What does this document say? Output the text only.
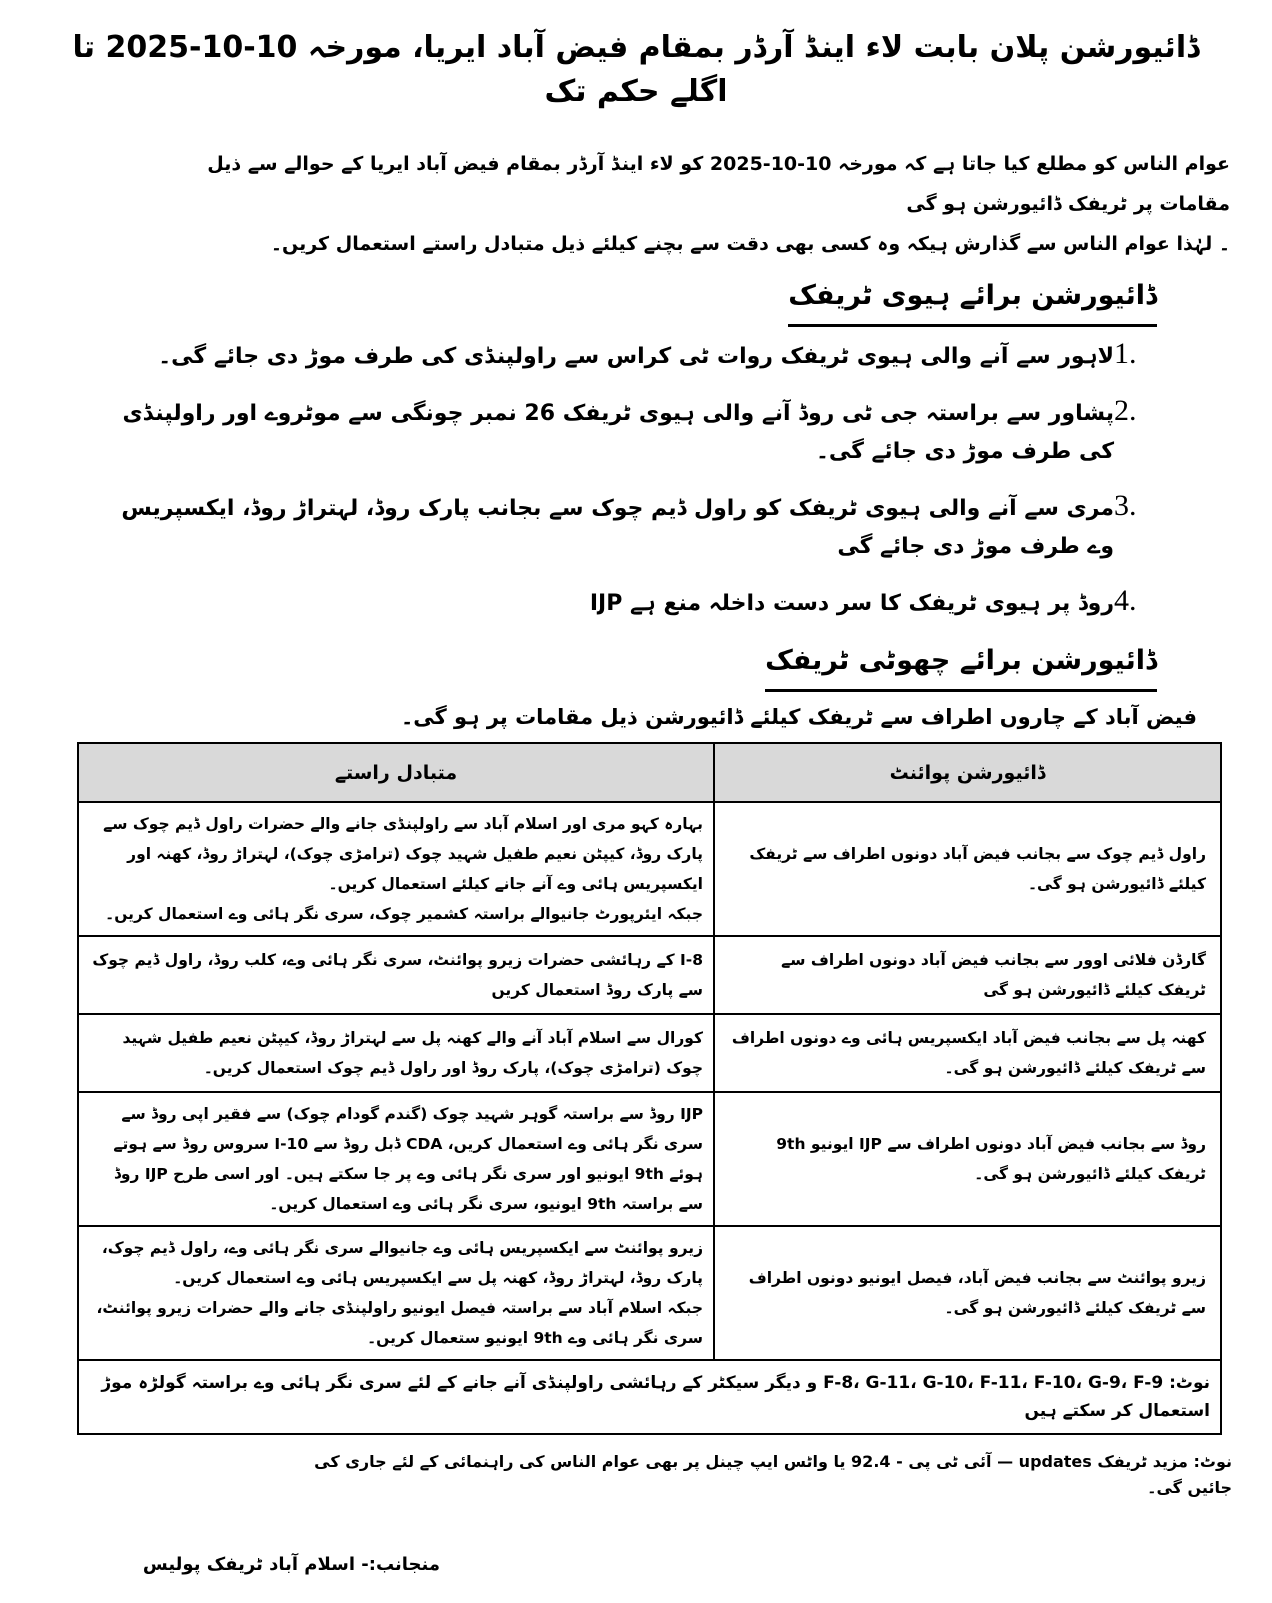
ڈائیورشن پلان بابت لاء اینڈ آرڈر بمقام فیض آباد ایریا، مورخہ 10-10-2025 تا اگلے حکم تک
عوام الناس کو مطلع کیا جاتا ہے کہ مورخہ 10-10-2025 کو لاء اینڈ آرڈر بمقام فیض آباد ایریا کے حوالے سے ذیل مقامات پر ٹریفک ڈائیورشن ہو گی
۔ لہٰذا عوام الناس سے گذارش ہیکہ وہ کسی بھی دقت سے بچنے کیلئے ذیل متبادل راستے استعمال کریں۔
ڈائیورشن برائے ہیوی ٹریفک
1.
لاہور سے آنے والی ہیوی ٹریفک روات ٹی کراس سے راولپنڈی کی طرف موڑ دی جائے گی۔
2.
پشاور سے براستہ جی ٹی روڈ آنے والی ہیوی ٹریفک 26 نمبر چونگی سے موٹروے اور راولپنڈی کی طرف موڑ دی جائے گی۔
3.
مری سے آنے والی ہیوی ٹریفک کو راول ڈیم چوک سے بجانب پارک روڈ، لہتراڑ روڈ، ایکسپریس وے طرف موڑ دی جائے گی
4.
IJP روڈ پر ہیوی ٹریفک کا سر دست داخلہ منع ہے
ڈائیورشن برائے چھوٹی ٹریفک
فیض آباد کے چاروں اطراف سے ٹریفک کیلئے ڈائیورشن ذیل مقامات پر ہو گی۔
ڈائیورشن پوائنٹ	متبادل راستے
راول ڈیم چوک سے بجانب فیض آباد دونوں اطراف سے ٹریفک کیلئے ڈائیورشن ہو گی۔	بہارہ کہو مری اور اسلام آباد سے راولپنڈی جانے والے حضرات راول ڈیم چوک سے پارک روڈ، کیپٹن نعیم طفیل شہید چوک (ترامڑی چوک)، لہتراڑ روڈ، کھنہ اور ایکسپریس ہائی وے آنے جانے کیلئے استعمال کریں۔

جبکہ ایئرپورٹ جانیوالے براستہ کشمیر چوک، سری نگر ہائی وے استعمال کریں۔

گارڈن فلائی اوور سے بجانب فیض آباد دونوں اطراف سے ٹریفک کیلئے ڈائیورشن ہو گی	I-8 کے رہائشی حضرات زیرو پوائنٹ، سری نگر ہائی وے، کلب روڈ، راول ڈیم چوک سے پارک روڈ استعمال کریں

کھنہ پل سے بجانب فیض آباد ایکسپریس ہائی وے دونوں اطراف سے ٹریفک کیلئے ڈائیورشن ہو گی۔	کورال سے اسلام آباد آنے والے کھنہ پل سے لہتراڑ روڈ، کیپٹن نعیم طفیل شہید چوک (ترامڑی چوک)، پارک روڈ اور راول ڈیم چوک استعمال کریں۔

9th ایونیو IJP روڈ سے بجانب فیض آباد دونوں اطراف سے ٹریفک کیلئے ڈائیورشن ہو گی۔	IJP روڈ سے براستہ گوہر شہید چوک (گندم گودام چوک) سے فقیر اپی روڈ سے سری نگر ہائی وے استعمال کریں، CDA ڈبل روڈ سے I-10 سروس روڈ سے ہوتے ہوئے 9th ایونیو اور سری نگر ہائی وے پر جا سکتے ہیں۔ اور اسی طرح IJP روڈ سے براستہ 9th ایونیو، سری نگر ہائی وے استعمال کریں۔

زیرو پوائنٹ سے بجانب فیض آباد، فیصل ایونیو دونوں اطراف سے ٹریفک کیلئے ڈائیورشن ہو گی۔	زیرو پوائنٹ سے ایکسپریس ہائی وے جانیوالے سری نگر ہائی وے، راول ڈیم چوک، پارک روڈ، لہتراڑ روڈ، کھنہ پل سے ایکسپریس ہائی وے استعمال کریں۔

جبکہ اسلام آباد سے براستہ فیصل ایونیو راولپنڈی جانے والے حضرات زیرو پوائنٹ، سری نگر ہائی وے 9th ایونیو ستعمال کریں۔

نوٹ: F-8، G-11، G-10، F-11، F-10، G-9، F-9 و دیگر سیکٹر کے رہائشی راولپنڈی آنے جانے کے لئے سری نگر ہائی وے براستہ گولڑہ موڑ استعمال کر سکتے ہیں	
نوٹ: مزید ٹریفک updates — آئی ٹی پی - 92.4 یا واٹس ایپ چینل پر بھی عوام الناس کی راہنمائی کے لئے جاری کی جائیں گی۔
منجانب:- اسلام آباد ٹریفک پولیس
